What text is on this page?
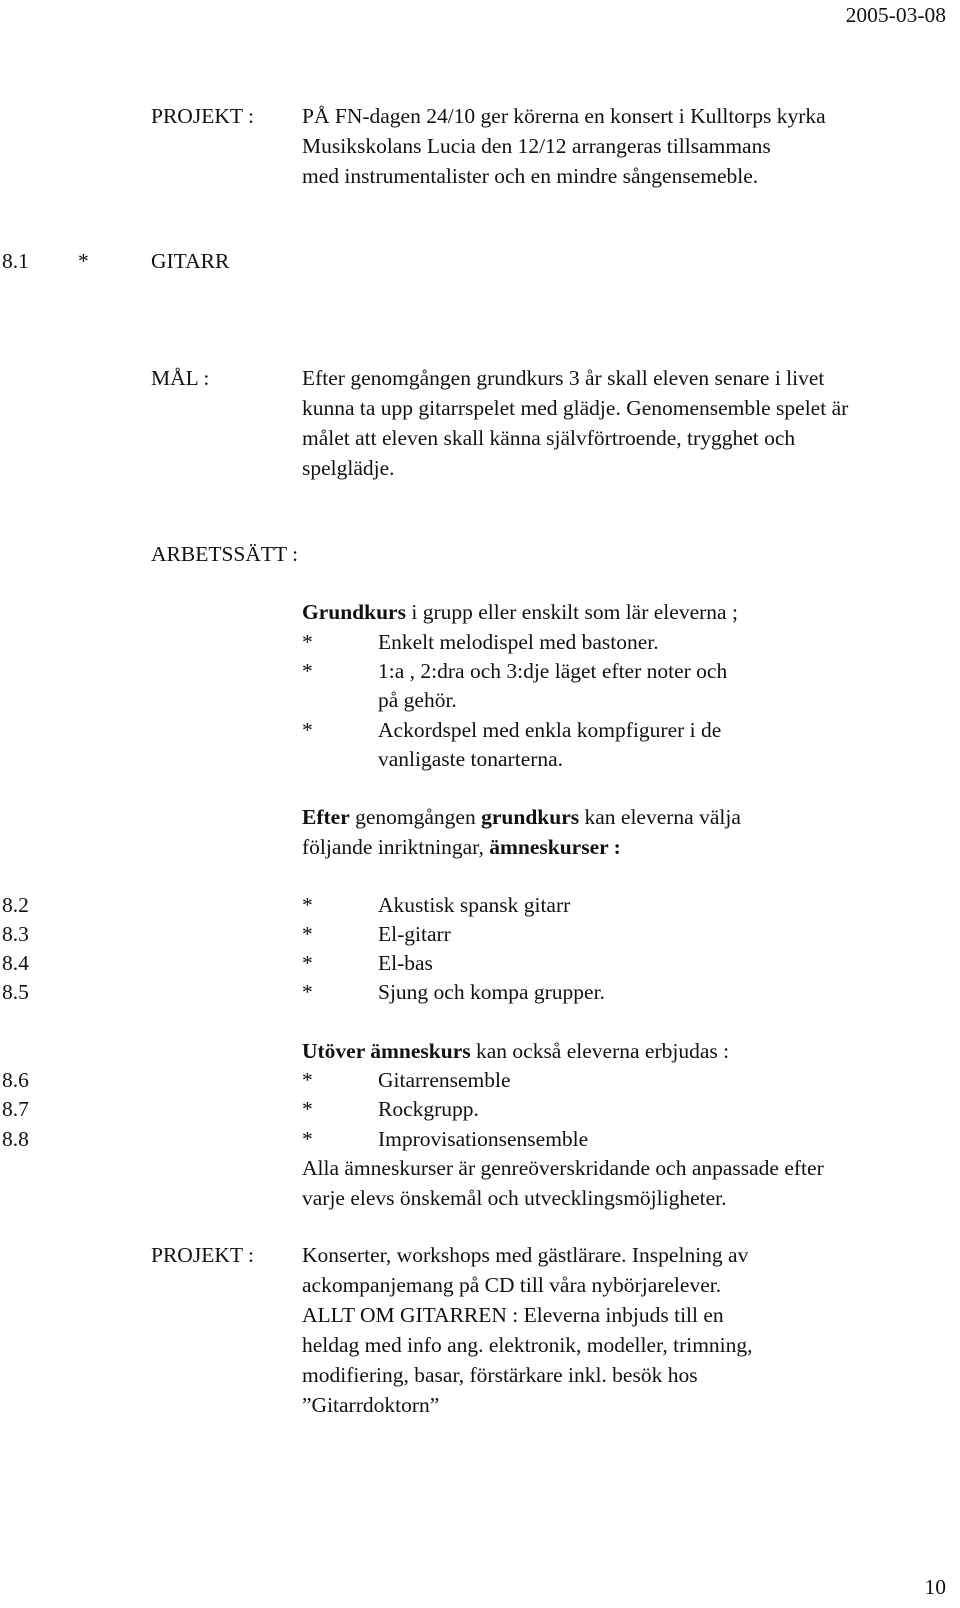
2005-03-08
PROJEKT : PÅ FN-dagen 24/10 ger körerna en konsert i Kulltorps kyrka
Musikskolans Lucia den 12/12 arrangeras tillsammans
med instrumentalister och en mindre sångensemeble.
8.1 *	GITARR
MÅL :	Efter genomgången grundkurs 3 år skall eleven senare i livet
kunna ta upp gitarrspelet med glädje. Genomensemble spelet är
målet att eleven skall känna självförtroende, trygghet och
spelglädje.
ARBETSSÄTT :
Grundkurs i grupp eller enskilt som lär eleverna ;
*	Enkelt melodispel med bastoner.
*	1:a , 2:dra och 3:dje läget efter noter och
på gehör.
*	Ackordspel med enkla kompfigurer i de
vanligaste tonarterna.
Efter genomgången grundkurs kan eleverna välja
följande inriktningar, ämneskurser :
8.2	*	Akustisk spansk gitarr
8.3	*	El-gitarr
8.4	*	El-bas
8.5	*	Sjung och kompa grupper.
Utöver ämneskurs kan också eleverna erbjudas :
8.6	*	Gitarrensemble
8.7	*	Rockgrupp.
8.8	*	Improvisationsensemble
Alla ämneskurser är genreöverskridande och anpassade efter
varje elevs önskemål och utvecklingsmöjligheter.
PROJEKT : Konserter, workshops med gästlärare. Inspelning av
ackompanjemang på CD till våra nybörjarelever.
ALLT OM GITARREN : Eleverna inbjuds till en
heldag med info ang. elektronik, modeller, trimning,
modifiering, basar, förstärkare inkl. besök hos
”Gitarrdoktorn”
10
